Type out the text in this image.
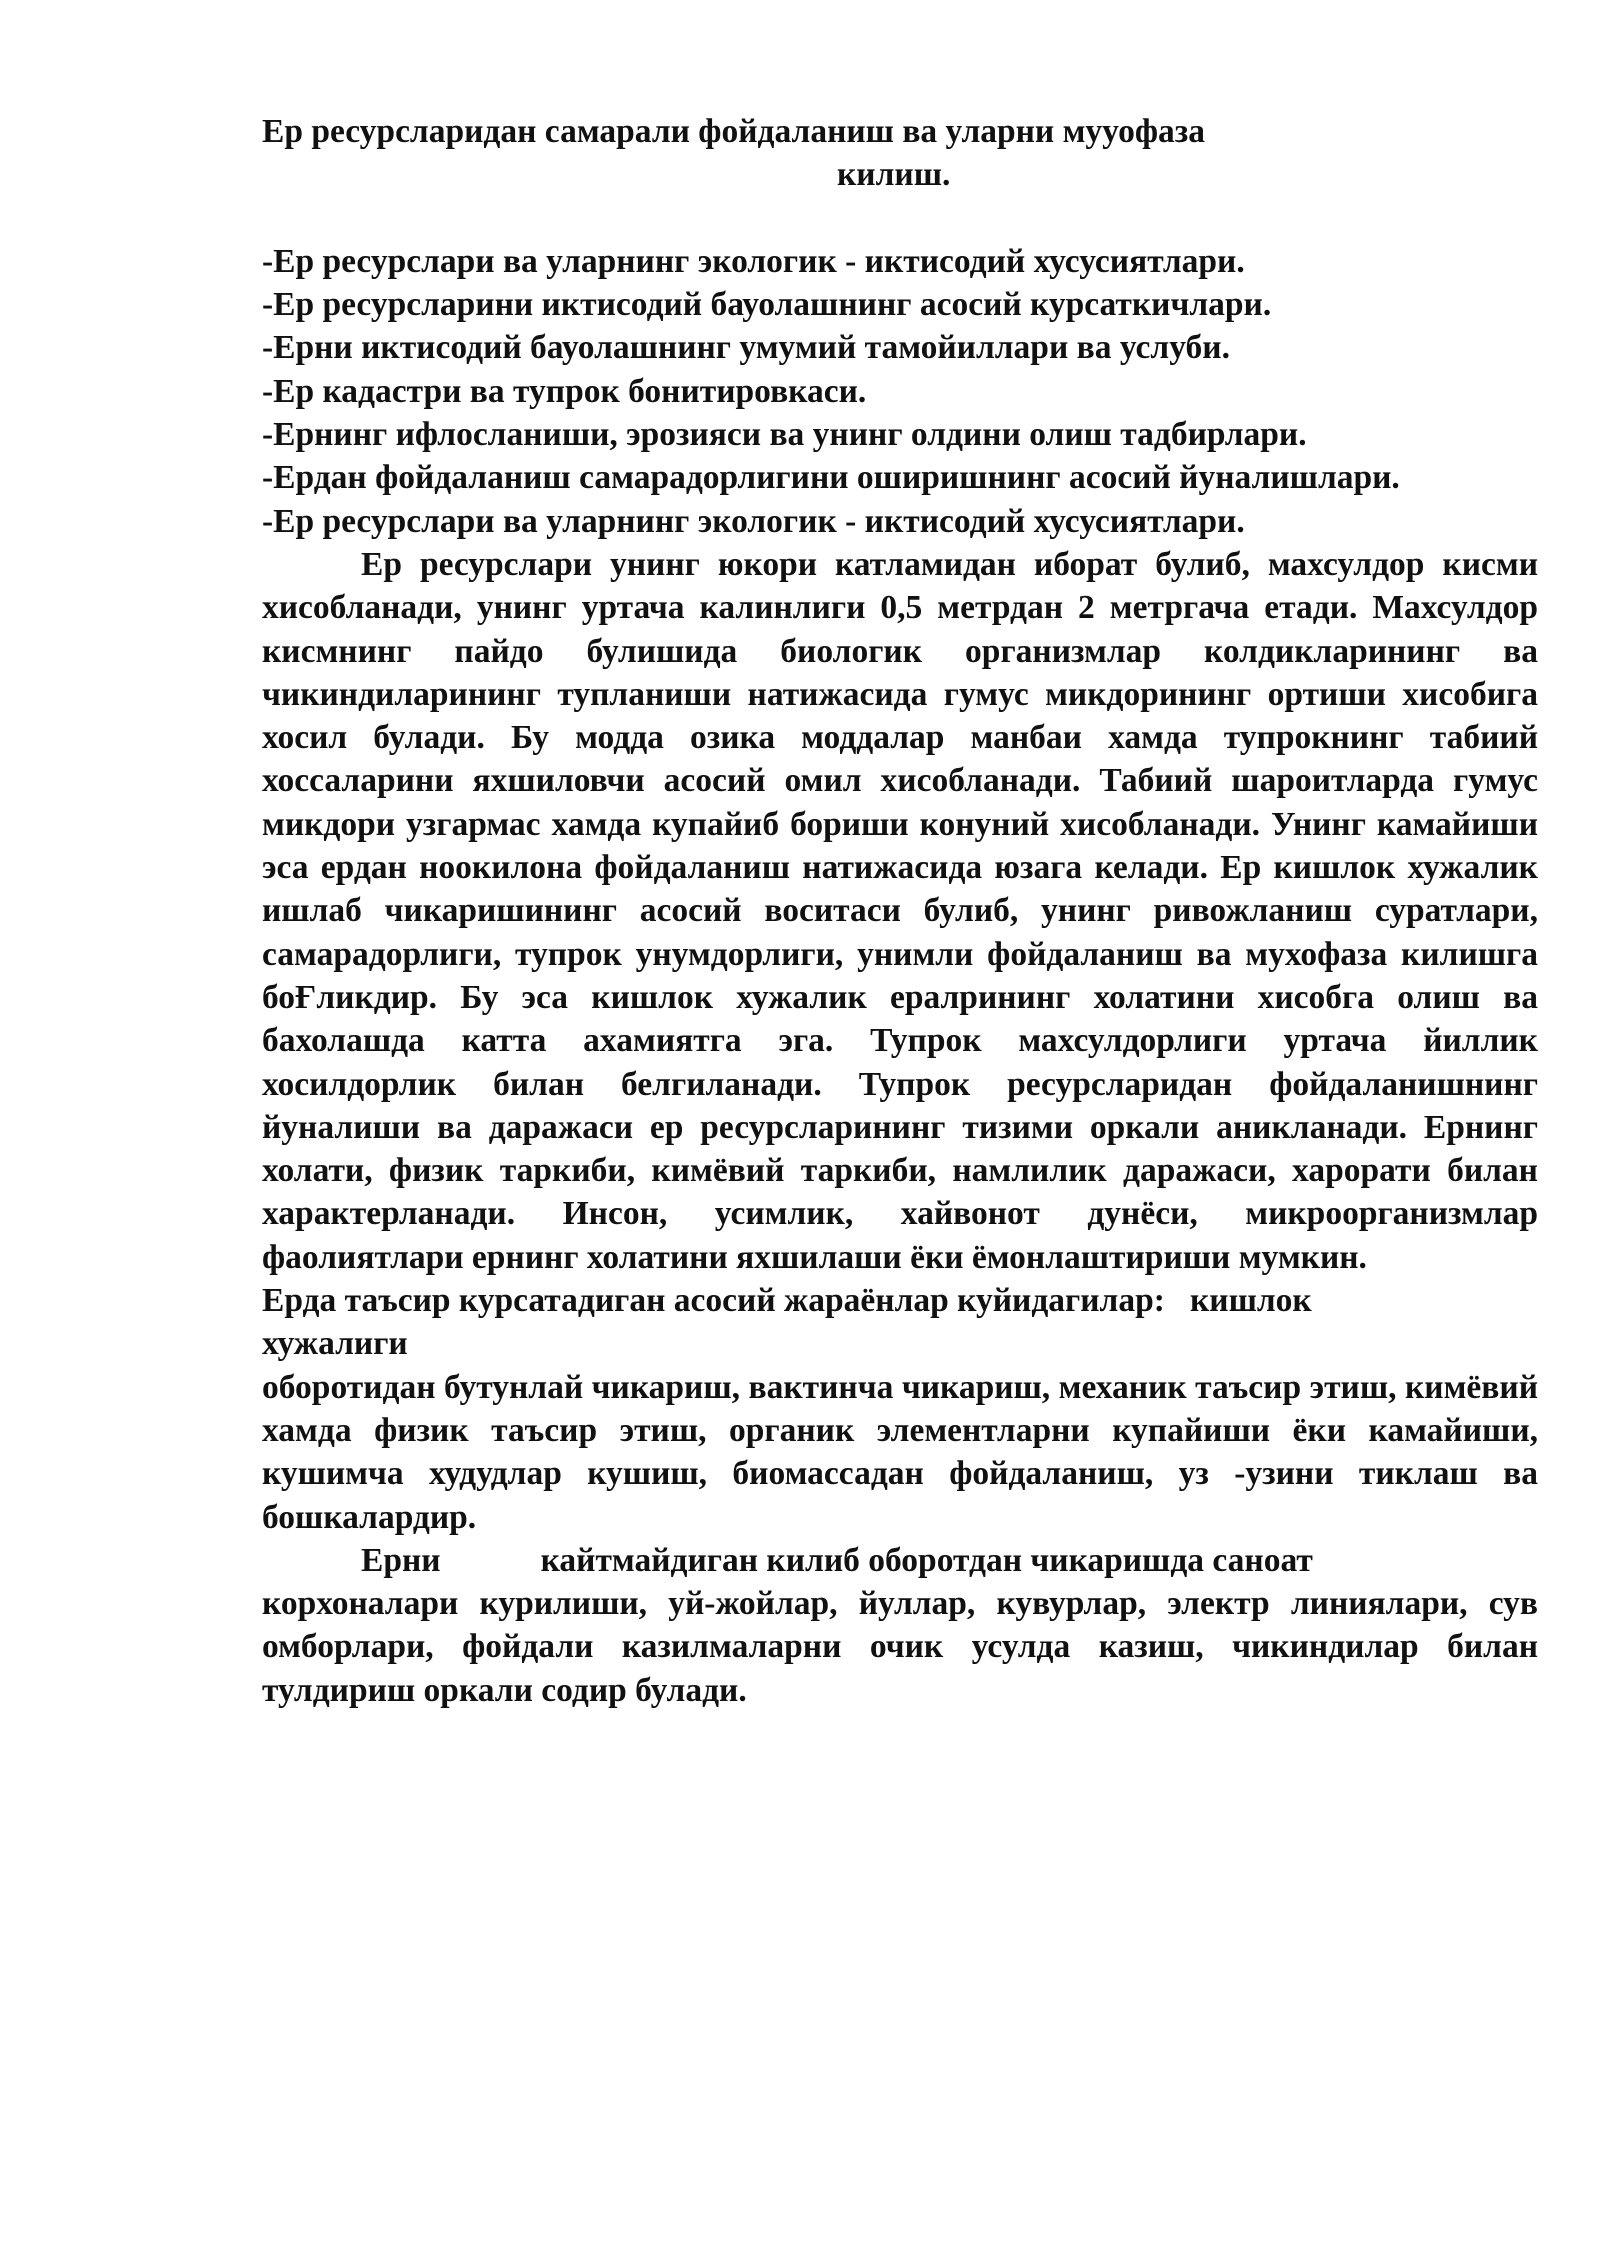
Ер ресурсларидан самарали фойдаланиш ва уларни мууофаза

килиш.

-Ер ресурслари ва уларнинг экологик - иктисодий хусусиятлари.
-Ер ресурсларини иктисодий бауолашнинг асосий курсаткичлари.
-Ерни иктисодий бауолашнинг умумий тамойиллари ва услуби.
-Ер кадастри ва тупрок бонитировкаси.
-Ернинг ифлосланиши, эрозияси ва унинг олдини олиш тадбирлари.
-Ердан фойдаланиш самарадорлигини оширишнинг асосий йуналишлари.

-Ер ресурслари ва уларнинг экологик - иктисодий хусусиятлари.

Ер ресурслари унинг юкори катламидан иборат булиб, махсулдор кисми хисобланади, унинг уртача калинлиги 0,5 метрдан 2 метргача етади. Махсулдор кисмнинг пайдо булишида биологик организмлар колдикларининг ва чикиндиларининг тупланиши натижасида гумус микдорининг ортиши хисобига хосил булади. Бу модда озика моддалар манбаи хамда тупрокнинг табиий хоссаларини яхшиловчи асосий омил хисобланади. Табиий шароитларда гумус микдори узгармас хамда купайиб бориши конуний хисобланади. Унинг камайиши эса ердан ноокилона фойдаланиш натижасида юзага келади. Ер кишлок хужалик ишлаб чикаришининг асосий воситаси булиб, унинг ривожланиш суратлари, самарадорлиги, тупрок унумдорлиги, унимли фойдаланиш ва мухофаза килишга боҒликдир. Бу эса кишлок хужалик ералрининг холатини хисобга олиш ва бахолашда катта ахамиятга эга. Тупрок махсулдорлиги уртача йиллик хосилдорлик билан белгиланади. Тупрок ресурсларидан фойдаланишнинг йуналиши ва даражаси ер ресурсларининг тизими оркали аникланади. Ернинг холати, физик таркиби, кимёвий таркиби, намлилик даражаси, харорати билан характерланади. Инсон, усимлик, хайвонот дунёси, микроорганизмлар фаолиятлари ернинг холатини яхшилаши ёки ёмонлаштириши мумкин.

Ерда таъсир курсатадиган асосий жараёнлар куйидагилар:   кишлок
хужалиги

оборотидан бутунлай чикариш, вактинча чикариш, механик таъсир этиш, кимёвий хамда физик таъсир этиш, органик элементларни купайиши ёки камайиши, кушимча худудлар кушиш, биомассадан фойдаланиш, уз -узини тиклаш ва бошкалардир.

Ерни	кайтмайдиган килиб оборотдан чикаришда саноат

корхоналари курилиши, уй-жойлар, йуллар, кувурлар, электр линиялари, сув омборлари, фойдали казилмаларни очик усулда казиш, чикиндилар билан тулдириш оркали содир булади.
